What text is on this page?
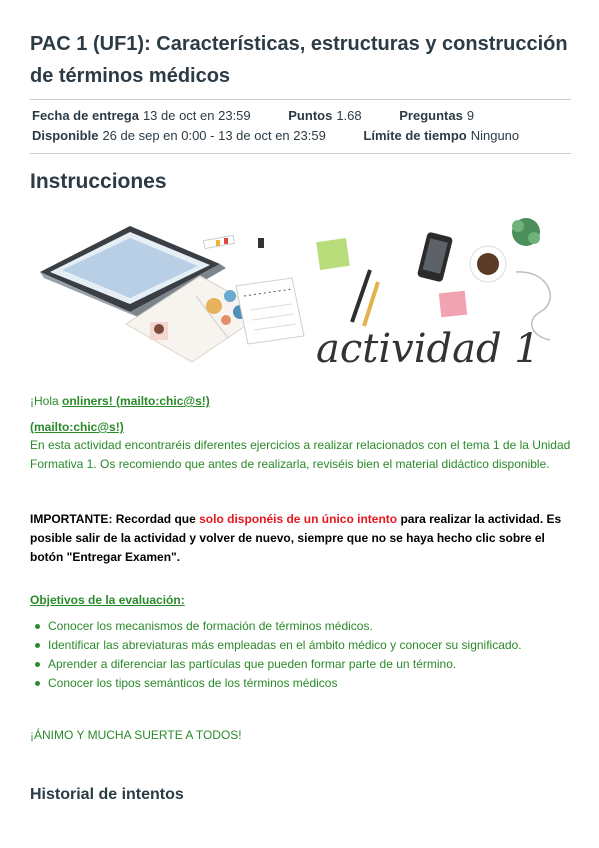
PAC 1 (UF1): Características, estructuras y construcción de términos médicos
Fecha de entrega 13 de oct en 23:59	Puntos 1.68	Preguntas 9
Disponible 26 de sep en 0:00 - 13 de oct en 23:59	Límite de tiempo Ninguno
Instrucciones
actividad 1
¡Hola onliners! (mailto:chic@s!)
(mailto:chic@s!)

En esta actividad encontraréis diferentes ejercicios a realizar relacionados con el tema 1 de la Unidad Formativa 1. Os recomiendo que antes de realizarla, reviséis bien el material didáctico disponible.

IMPORTANTE: Recordad que solo disponéis de un único intento para realizar la actividad. Es posible salir de la actividad y volver de nuevo, siempre que no se haya hecho clic sobre el botón "Entregar Examen".

Objetivos de la evaluación:
Conocer los mecanismos de formación de términos médicos.
Identificar las abreviaturas más empleadas en el ámbito médico y conocer su significado.
Aprender a diferenciar las partículas que pueden formar parte de un término.
Conocer los tipos semánticos de los términos médicos
¡ÁNIMO Y MUCHA SUERTE A TODOS!
Historial de intentos
